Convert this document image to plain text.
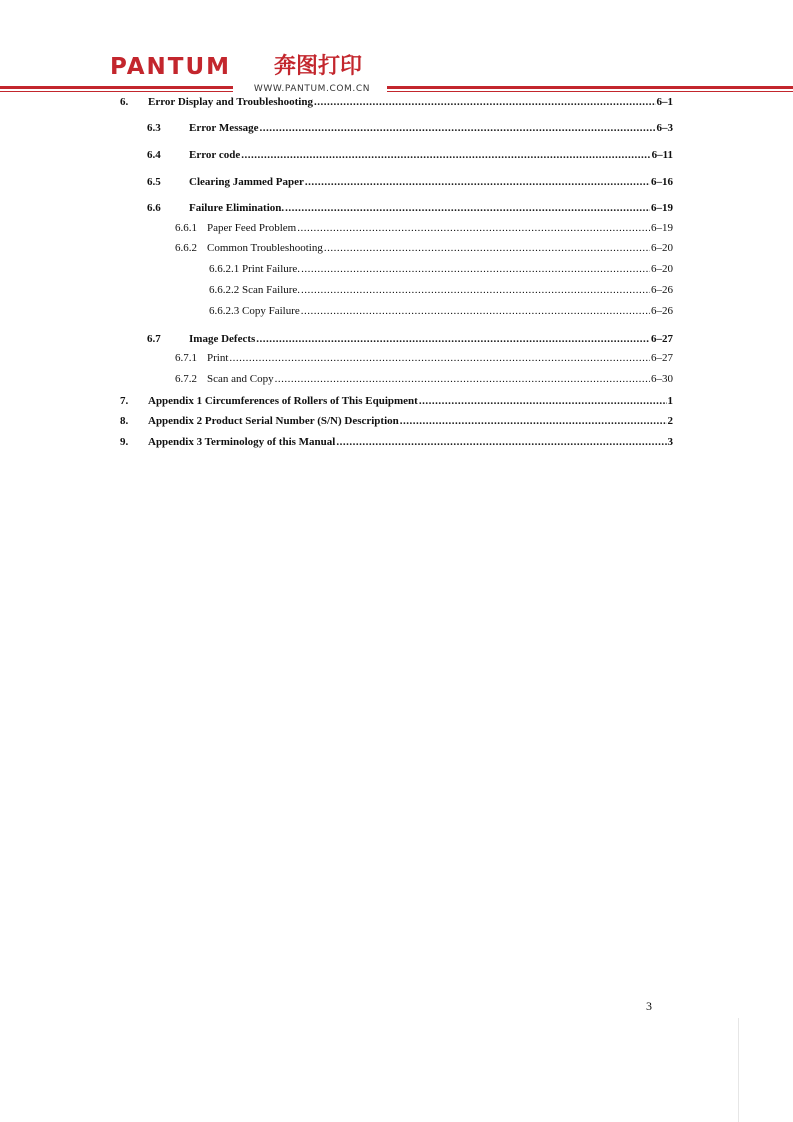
PANTUM 奔图打印
WWW.PANTUM.COM.CN
6.	Error Display and Troubleshooting .....	6–1
6.3	Error Message .....	6–3
6.4	Error code .....	6–11
6.5	Clearing Jammed Paper .....	6–16
6.6	Failure Elimination. .....	6–19
6.6.1 Paper Feed Problem .....	6–19
6.6.2 Common Troubleshooting .....	6–20
6.6.2.1 Print Failure. .....	6–20
6.6.2.2 Scan Failure. .....	6–26
6.6.2.3 Copy Failure .....	6–26
6.7	Image Defects .....	6–27
6.7.1 Print .....	6–27
6.7.2 Scan and Copy .....	6–30
7.	Appendix 1 Circumferences of Rollers of This Equipment .....	1
8.	Appendix 2 Product Serial Number (S/N) Description .....	2
9.	Appendix 3 Terminology of this Manual .....	3
3
